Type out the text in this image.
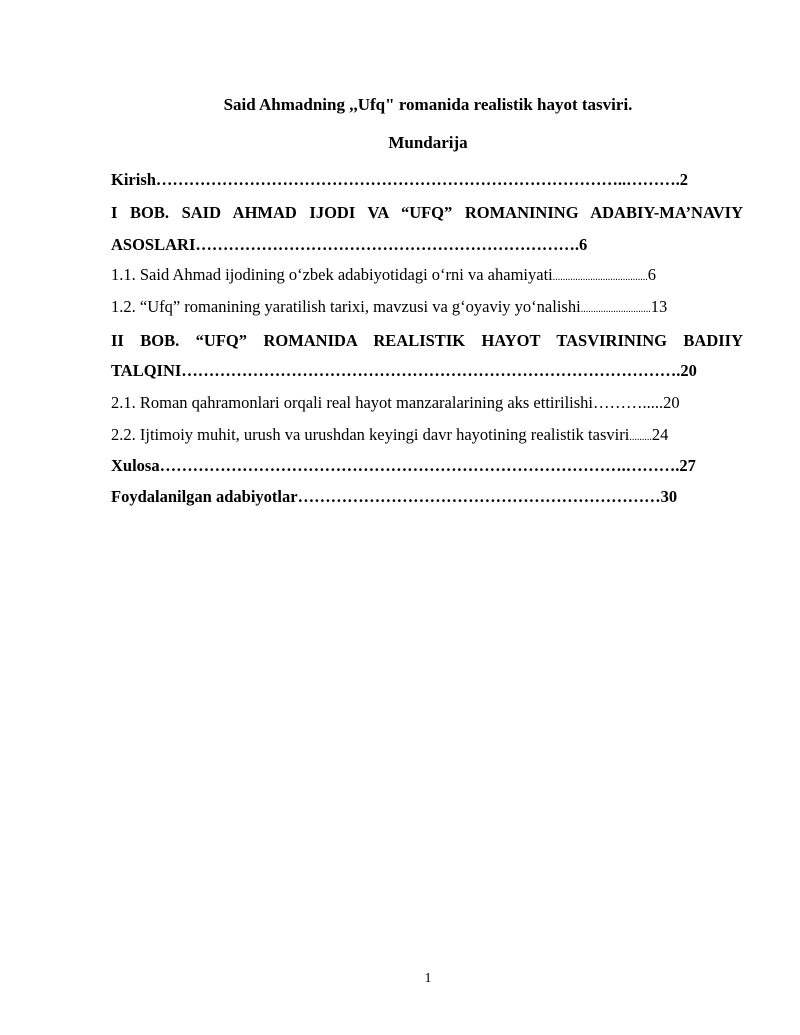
Said Ahmadning ,,Ufq" romanida realistik hayot tasviri.
Mundarija
Kirish…………………………………………………………………………..……….2
I BOB. SAID AHMAD IJODI VA “UFQ” ROMANINING ADABIY-MA’NAVIY
ASOSLARI…………………………………………………………….6
1.1. Said Ahmad ijodining o‘zbek adabiyotidagi o‘rni va ahamiyati......................................6
1.2. “Ufq” romanining yaratilish tarixi, mavzusi va g‘oyaviy yo‘nalishi............................13
II BOB. “UFQ” ROMANIDA REALISTIK HAYOT TASVIRINING BADIIY
TALQINI……………………………………………………………………………….20
2.1. Roman qahramonlari orqali real hayot manzaralarining aks ettirilishi……….....20
2.2. Ijtimoiy muhit, urush va urushdan keyingi davr hayotining realistik tasviri.........24
Xulosa………………………………………………………………………….……….27
Foydalanilgan adabiyotlar…………………………………………………………30
1
